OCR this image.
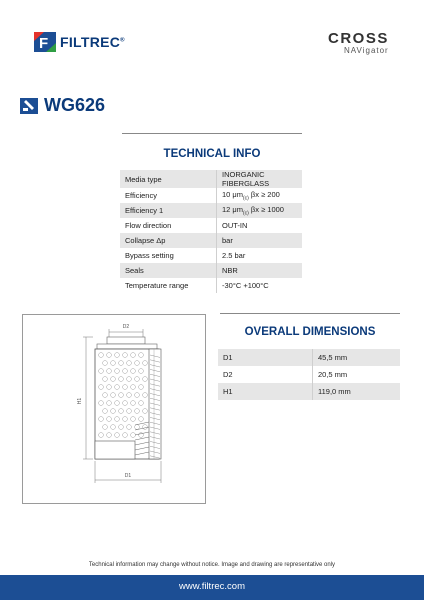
F FILTREC®	CROSS
NAVigator
WG626
TECHNICAL INFO
Media type	INORGANIC FIBERGLASS
Efficiency	10 $\mu m_{(c)}$ βx ≥ 200
Efficiency 1	12 $\mu m_{(c)}$ βx ≥ 1000
Flow direction	OUT-IN
Collapse Δp	bar
Bypass setting	2.5 bar
Seals	NBR
Temperature range	-30°C +100°C
D2
H1
D1
OVERALL DIMENSIONS
D1	45,5 mm
D2	20,5 mm
H1	119,0 mm
Technical information may change without notice. Image and drawing are representative only
www.filtrec.com
